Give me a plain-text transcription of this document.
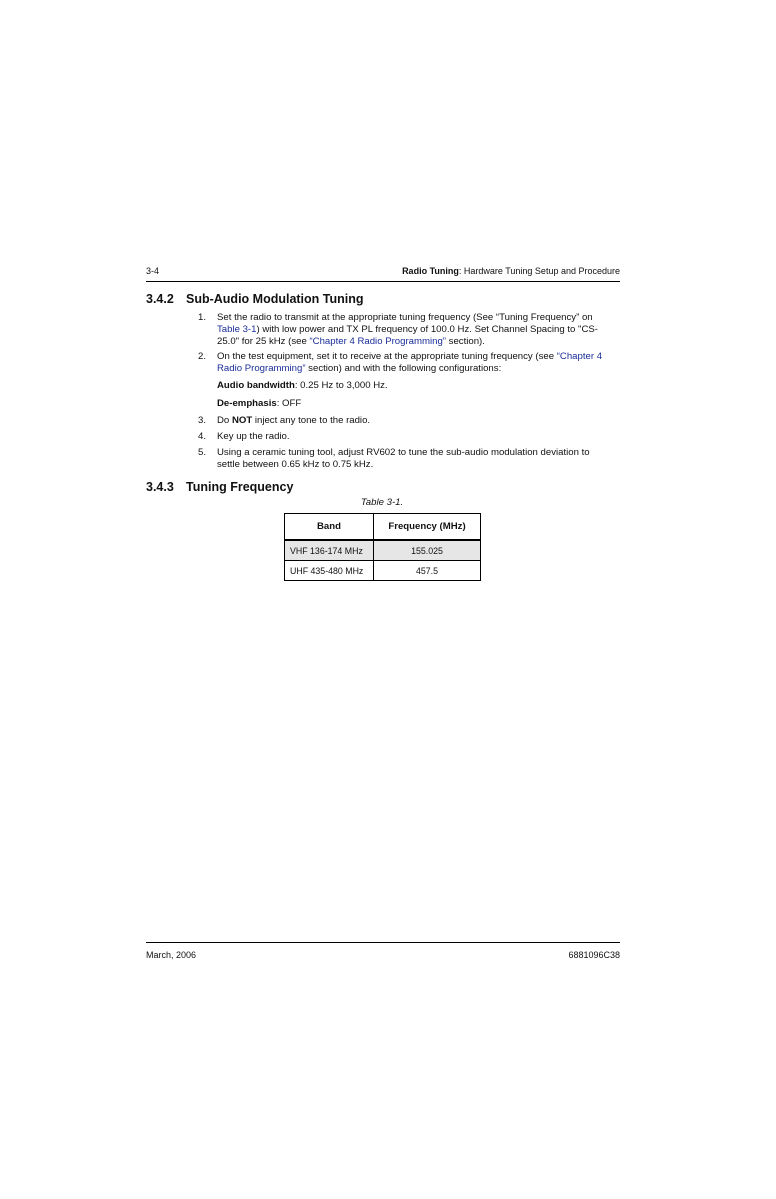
3-4	Radio Tuning: Hardware Tuning Setup and Procedure
3.4.2 Sub-Audio Modulation Tuning
1. Set the radio to transmit at the appropriate tuning frequency (See “Tuning Frequency” on Table 3-1) with low power and TX PL frequency of 100.0 Hz. Set Channel Spacing to "CS-25.0" for 25 kHz (see “Chapter 4 Radio Programming” section).
2. On the test equipment, set it to receive at the appropriate tuning frequency (see “Chapter 4 Radio Programming” section) and with the following configurations:
Audio bandwidth: 0.25 Hz to 3,000 Hz.
De-emphasis: OFF
3. Do NOT inject any tone to the radio.
4. Key up the radio.
5. Using a ceramic tuning tool, adjust RV602 to tune the sub-audio modulation deviation to settle between 0.65 kHz to 0.75 kHz.
3.4.3 Tuning Frequency
Table 3-1.
Band	Frequency (MHz)
VHF 136-174 MHz	155.025
UHF 435-480 MHz	457.5
March, 2006	6881096C38
